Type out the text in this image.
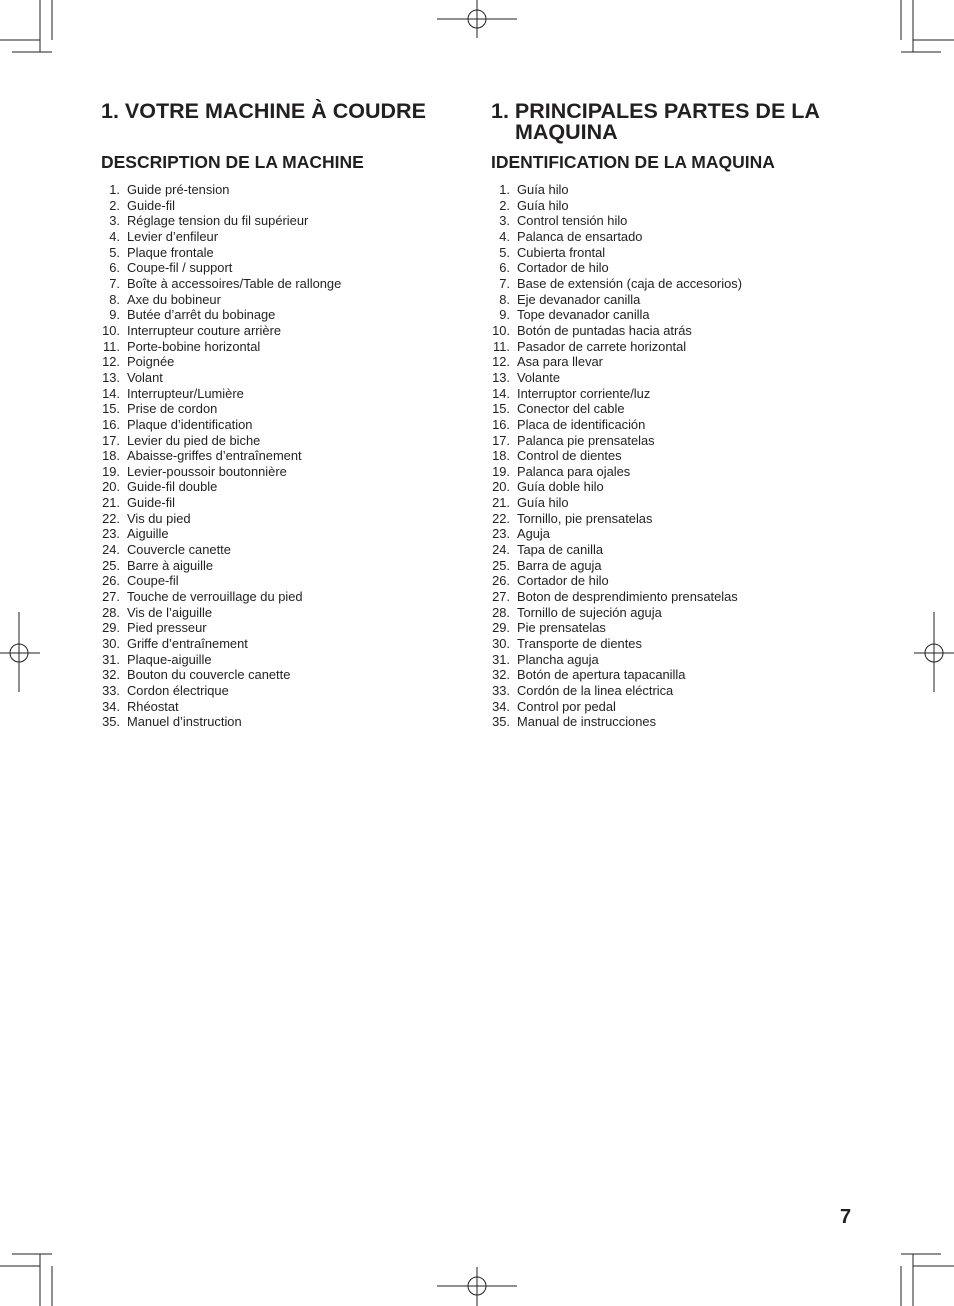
1. VOTRE MACHINE À COUDRE
DESCRIPTION DE LA MACHINE
1. Guide pré-tension
2. Guide-fil
3. Réglage tension du fil supérieur
4. Levier d’enfileur
5. Plaque frontale
6. Coupe-fil / support
7. Boîte à accessoires/Table de rallonge
8. Axe du bobineur
9. Butée d’arrêt du bobinage
10. Interrupteur couture arrière
11. Porte-bobine horizontal
12. Poignée
13. Volant
14. Interrupteur/Lumière
15. Prise de cordon
16. Plaque d’identification
17. Levier du pied de biche
18. Abaisse-griffes d’entraînement
19. Levier-poussoir boutonnière
20. Guide-fil double
21. Guide-fil
22. Vis du pied
23. Aiguille
24. Couvercle canette
25. Barre à aiguille
26. Coupe-fil
27. Touche de verrouillage du pied
28. Vis de l’aiguille
29. Pied presseur
30. Griffe d’entraînement
31. Plaque-aiguille
32. Bouton du couvercle canette
33. Cordon électrique
34. Rhéostat
35. Manuel d’instruction
1. PRINCIPALES PARTES DE LA MAQUINA
IDENTIFICATION DE LA MAQUINA
1. Guía hilo
2. Guía hilo
3. Control tensión hilo
4. Palanca de ensartado
5. Cubierta frontal
6. Cortador de hilo
7. Base de extensión (caja de accesorios)
8. Eje devanador canilla
9. Tope devanador canilla
10. Botón de puntadas hacia atrás
11. Pasador de carrete horizontal
12. Asa para llevar
13. Volante
14. Interruptor corriente/luz
15. Conector del cable
16. Placa de identificación
17. Palanca pie prensatelas
18. Control de dientes
19. Palanca para ojales
20. Guía doble hilo
21. Guía hilo
22. Tornillo, pie prensatelas
23. Aguja
24. Tapa de canilla
25. Barra de aguja
26. Cortador de hilo
27. Boton de desprendimiento prensatelas
28. Tornillo de sujeción aguja
29. Pie prensatelas
30. Transporte de dientes
31. Plancha aguja
32. Botón de apertura tapacanilla
33. Cordón de la linea eléctrica
34. Control por pedal
35. Manual de instrucciones
7
